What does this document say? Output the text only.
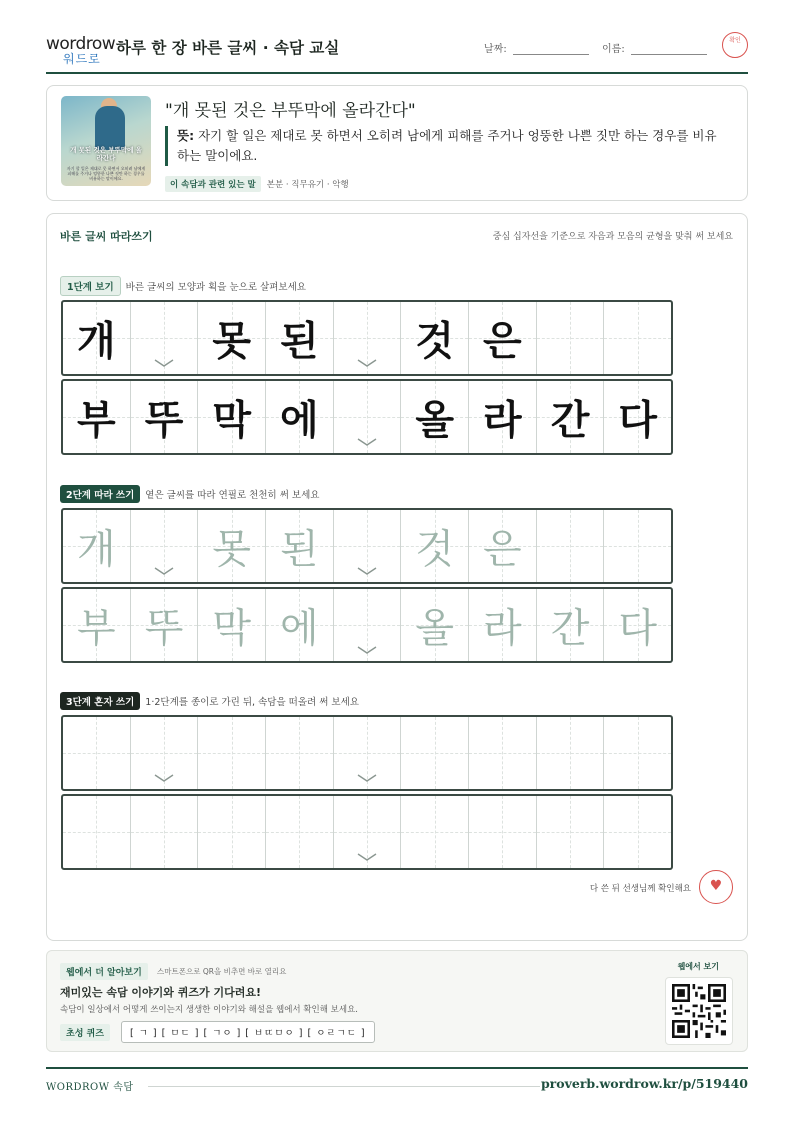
wordrow
워드로
하루 한 장 바른 글씨 · 속담 교실	날짜:	이름:
확인
개 못된 것은 부뚜막에 올라간다
자기 할 일은 제대로 못 하면서 오히려 남에게 피해를 주거나 엉뚱한 나쁜 짓만 하는 경우를 비유하는 말이에요.
"개 못된 것은 부뚜막에 올라간다"
뜻: 자기 할 일은 제대로 못 하면서 오히려 남에게 피해를 주거나 엉뚱한 나쁜 짓만 하는 경우를 비유하는 말이에요.
이 속담과 관련 있는 말 본분 · 직무유기 · 악행
바른 글씨 따라쓰기	중심 십자선을 기준으로 자음과 모음의 균형을 맞춰 써 보세요
1단계 보기 바른 글씨의 모양과 획을 눈으로 살펴보세요
개	못 된	것 은
부 뚜 막 에	올 라 간 다
2단계 따라 쓰기 옅은 글씨를 따라 연필로 천천히 써 보세요
개	못 된	것 은
부 뚜 막 에	올 라 간 다
3단계 혼자 쓰기 1·2단계를 종이로 가린 뒤, 속담을 떠올려 써 보세요
다 쓴 뒤 선생님께 확인해요	♥
웹에서 더 알아보기	스마트폰으로 QR을 비추면 바로 열리요
재미있는 속담 이야기와 퀴즈가 기다려요!
속담이 일상에서 어떻게 쓰이는지 생생한 이야기와 해설을 웹에서 확인해 보세요.
초성 퀴즈	[ ㄱ ] [ ㅁㄷ ] [ ㄱㅇ ] [ ㅂㄸㅁㅇ ] [ ㅇㄹㄱㄷ ]
웹에서 보기
WORDROW 속담	proverb.wordrow.kr/p/519440
